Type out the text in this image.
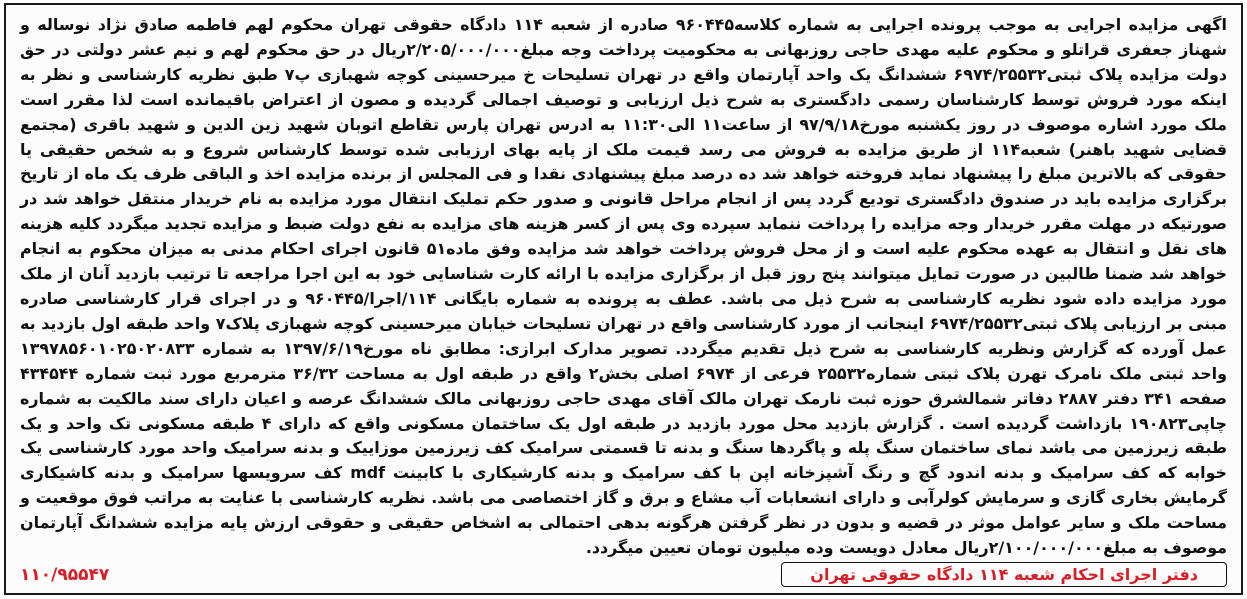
اگهی مزایده اجرایی به موجب پرونده اجرایی به شماره کلاسه۹۶۰۴۴۵ صادره از شعبه ۱۱۴ دادگاه حقوقی تهران محکوم لهم فاطمه صادق نژاد نوساله و شهناز جعفری قراتلو و محکوم علیه مهدی حاجی روزبهانی به محکومیت پرداخت وجه مبلغ۲/۲۰۵/۰۰۰/۰۰۰ریال در حق محکوم لهم و نیم عشر دولتی در حق دولت مزایده پلاک ثبتی۶۹۷۴/۲۵۵۳۲ ششدانگ یک واحد آپارتمان واقع در تهران تسلیحات خ میرحسینی کوچه شهبازی پ۷ طبق نظریه کارشناسی و نظر به اینکه مورد فروش توسط کارشناسان رسمی دادگستری به شرح ذیل ارزیابی و توصیف اجمالی گردیده و مصون از اعتراض باقیمانده است لذا مقرر است ملک مورد اشاره موصوف در روز یکشنبه مورخ۹۷/۹/۱۸ از ساعت۱۱ الی۱۱:۳۰ به ادرس تهران پارس تقاطع اتوبان شهید زین الدین و شهید باقری (مجتمع قضایی شهید باهنر) شعبه۱۱۴ از طریق مزایده به فروش می رسد قیمت ملک از پایه بهای ارزیابی شده توسط کارشناس شروع و به شخص حقیقی یا حقوقی که بالاترین مبلغ را پیشنهاد نماید فروخته خواهد شد ده درصد مبلغ پیشنهادی نقدا و فی المجلس از برنده مزایده اخذ و الباقی ظرف یک ماه از تاریخ برگزاری مزایده باید در صندوق دادگستری تودیع گردد پس از انجام مراحل قانونی و صدور حکم تملیک انتقال مورد مزایده به نام خریدار منتقل خواهد شد در صورتیکه در مهلت مقرر خریدار وجه مزایده را پرداخت ننماید سپرده وی پس از کسر هزینه های مزایده به نفع دولت ضبط و مزایده تجدید میگردد کلیه هزینه های نقل و انتقال به عهده محکوم علیه است و از محل فروش پرداخت خواهد شد مزایده وفق ماده۵۱ قانون اجرای احکام مدنی به میزان محکوم به انجام خواهد شد ضمنا طالبین در صورت تمایل میتوانند پنج روز قبل از برگزاری مزایده با ارائه کارت شناسایی خود به این اجرا مراجعه تا ترتیب بازدید آنان از ملک مورد مزایده داده شود نظریه کارشناسی به شرح ذیل می باشد. عطف به پرونده به شماره بایگانی ۱۱۴/اجرا/۹۶۰۴۴۵ و در اجرای قرار کارشناسی صادره مبنی بر ارزیابی پلاک ثبتی۶۹۷۴/۲۵۵۳۲ اینجانب از مورد کارشناسی واقع در تهران تسلیحات خیابان میرحسینی کوچه شهبازی پلاک۷ واحد طبقه اول بازدید به عمل آورده که گزارش ونظریه کارشناسی به شرح ذیل تقدیم میگردد. تصویر مدارک ابرازی: مطابق ناه مورخ۱۳۹۷/۶/۱۹ به شماره ۱۳۹۷۸۵۶۰۱۰۲۵۰۲۰۸۳۳ واحد ثبتی ملک نامرک تهرن پلاک ثبتی شماره۲۵۵۳۲ فرعی از ۶۹۷۴ اصلی بخش۲ واقع در طبقه اول به مساحت ۳۶/۳۲ مترمربع مورد ثبت شماره ۴۳۴۵۴۴ صفحه ۳۴۱ دفتر ۲۸۸۷ دفاتر شمالشرق حوزه ثبت نارمک تهران مالک آقای مهدی حاجی روزبهانی مالک ششدانگ عرصه و اعیان دارای سند مالکیت به شماره چاپی۱۹۰۸۲۳ بازداشت گردیده است . گزارش بازدید محل مورد بازدید در طبقه اول یک ساختمان مسکونی واقع که دارای ۴ طبقه مسکونی تک واحد و یک طبقه زیرزمین می باشد نمای ساختمان سنگ پله و پاگردها سنگ و بدنه تا قسمتی سرامیک کف زیرزمین موزاییک و بدنه سرامیک واحد مورد کارشناسی یک خوابه که کف سرامیک و بدنه اندود گچ و رنگ آشپزخانه اپن با کف سرامیک و بدنه کارشیکاری با کابینت mdf کف سرویسها سرامیک و بدنه کاشیکاری گرمایش بخاری گازی و سرمایش کولرآبی و دارای انشعابات آب مشاع و برق و گاز اختصاصی می باشد. نظریه کارشناسی با عنایت به مراتب فوق موقعیت و مساحت ملک و سایر عوامل موثر در قضیه و بدون در نظر گرفتن هرگونه بدهی احتمالی به اشخاص حقیقی و حقوقی ارزش پایه مزایده ششدانگ آپارتمان موصوف به مبلغ۲/۱۰۰/۰۰۰/۰۰۰ریال معادل دویست وده میلیون تومان تعیین میگردد.

دفتر اجرای احکام شعبه ۱۱۴ دادگاه حقوقی تهران
۱۱۰/۹۵۵۴۷
